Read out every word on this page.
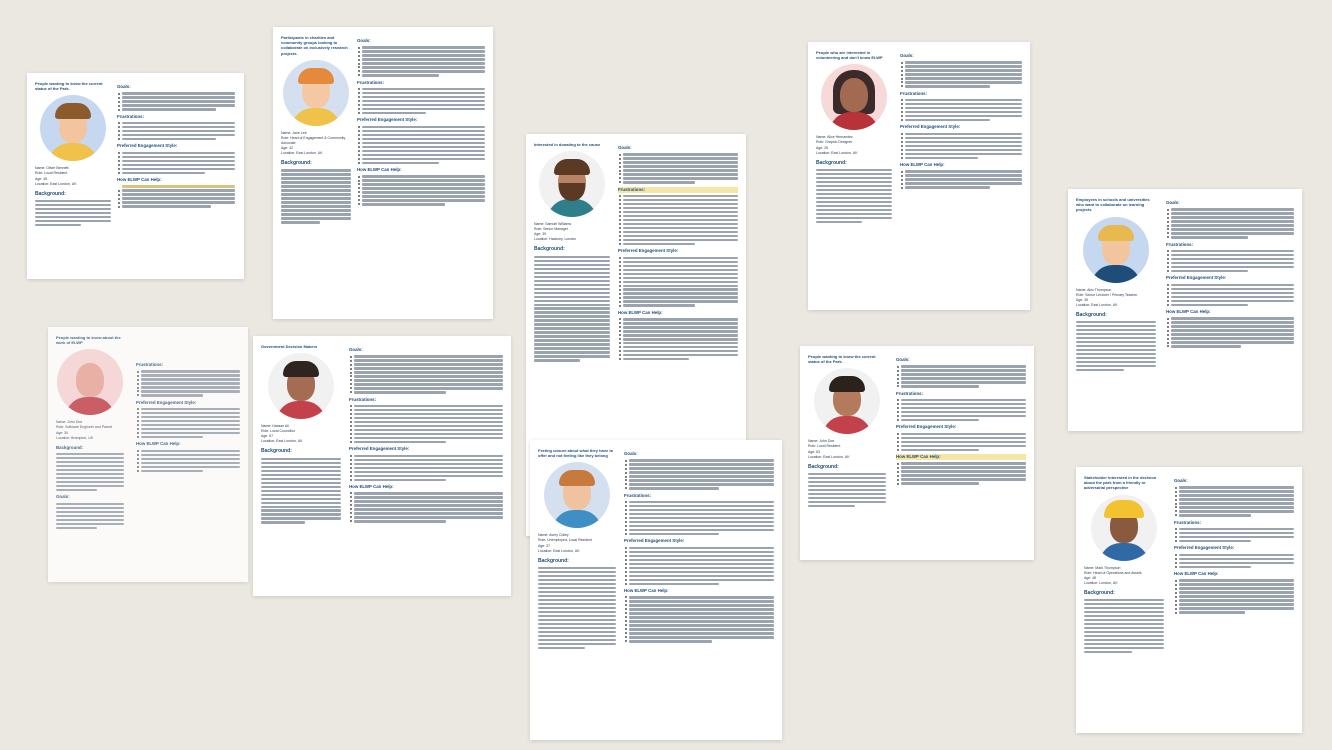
People wanting to know the current status of the Park.
Name: Oliver Bennett
Role: Local Resident
Age: 45
Location: East London, UK
Background:
Goals:
Frustrations:
Preferred Engagement Style:
How ELWP Can Help:
Participants in charities and community groups looking to collaborate on inclusively research projects
Name: Jane Lee
Role: Head of Engagement & Community Advocate
Age: 42
Location: East London, UK
Background:
Goals:
Frustrations:
Preferred Engagement Style:
How ELWP Can Help:
Interested in donating to the cause
Name: Samuel Williams
Role: Senior Manager
Age: 39
Location: Hackney, London
Background:
Goals:
Frustrations:
Preferred Engagement Style:
How ELWP Can Help:
People who are interested in volunteering and don't know ELWP
Name: Alice Hernandez
Role: Graphic Designer
Age: 26
Location: East London, UK
Background:
Goals:
Frustrations:
Preferred Engagement Style:
How ELWP Can Help:
Employees in schools and universities who want to collaborate on learning projects
Name: Alex Thompson
Role: Senior Lecturer / Primary Teacher
Age: 35
Location: East London, UK
Background:
Goals:
Frustrations:
Preferred Engagement Style:
How ELWP Can Help:
People wanting to know about the work of ELWP
Name: John Doe
Role: Software Engineer and Parent
Age: 30
Location: Brampton, UK
Background:
Goals:
Frustrations:
Preferred Engagement Style:
How ELWP Can Help:
Government Decision Makers
Name: Hassan Ali
Role: Local Councillor
Age: 57
Location: East London, UK
Background:
Goals:
Frustrations:
Preferred Engagement Style:
How ELWP Can Help:
Feeling unsure about what they have to offer and not feeling like they belong
Name: Avery Colley
Role: Unemployed, Local Resident
Age: 37
Location: East London, UK
Background:
Goals:
Frustrations:
Preferred Engagement Style:
How ELWP Can Help:
People wanting to know the current status of the Park.
Name: John Doe
Role: Local Resident
Age: 63
Location: East London, UK
Background:
Goals:
Frustrations:
Preferred Engagement Style:
How ELWP Can Help:
Stakeholder interested in the decision about the park from a friendly or adversarial perspective
Name: Mark Thompson
Role: Head of Operations and Assets
Age: 48
Location: London, UK
Background:
Goals:
Frustrations:
Preferred Engagement Style:
How ELWP Can Help:
